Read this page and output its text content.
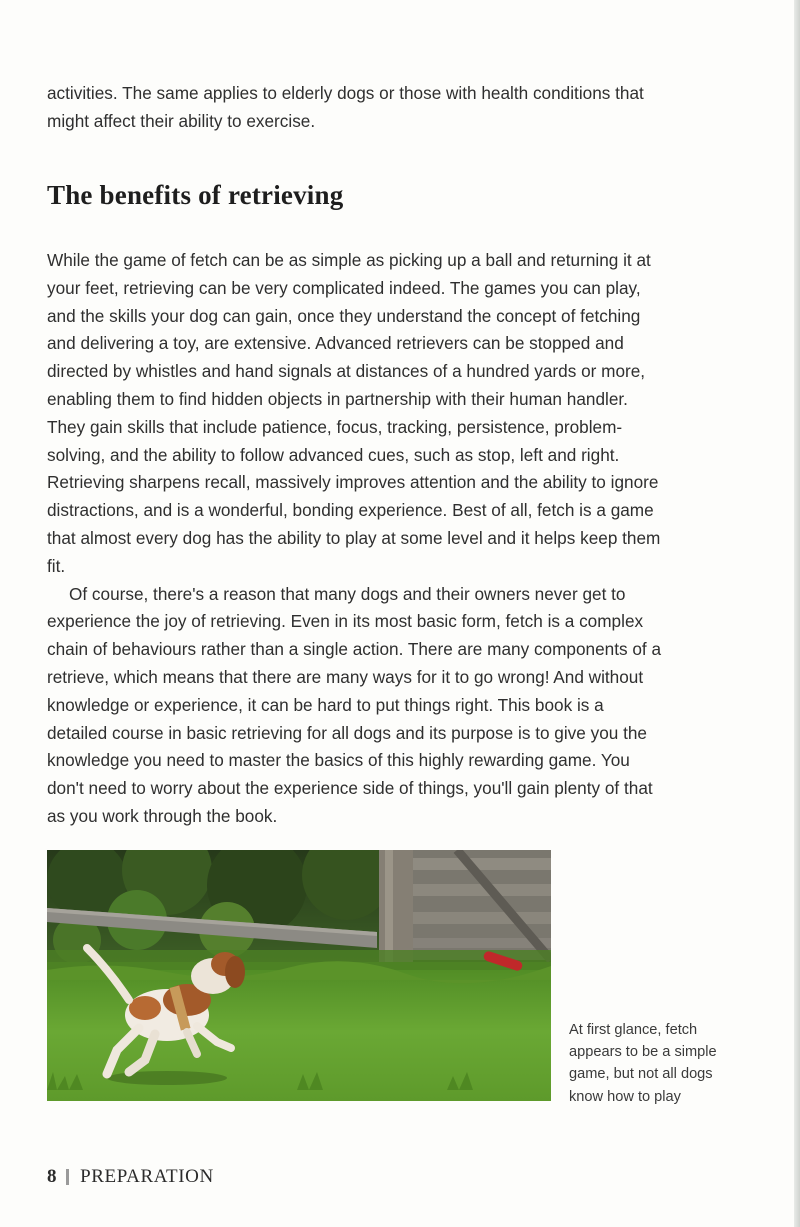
activities. The same applies to elderly dogs or those with health conditions that might affect their ability to exercise.

The benefits of retrieving

While the game of fetch can be as simple as picking up a ball and returning it at your feet, retrieving can be very complicated indeed. The games you can play, and the skills your dog can gain, once they understand the concept of fetching and delivering a toy, are extensive. Advanced retrievers can be stopped and directed by whistles and hand signals at distances of a hundred yards or more, enabling them to find hidden objects in partnership with their human handler. They gain skills that include patience, focus, tracking, persistence, problem-solving, and the ability to follow advanced cues, such as stop, left and right. Retrieving sharpens recall, massively improves attention and the ability to ignore distractions, and is a wonderful, bonding experience. Best of all, fetch is a game that almost every dog has the ability to play at some level and it helps keep them fit.

Of course, there's a reason that many dogs and their owners never get to experience the joy of retrieving. Even in its most basic form, fetch is a complex chain of behaviours rather than a single action. There are many components of a retrieve, which means that there are many ways for it to go wrong! And without knowledge or experience, it can be hard to put things right. This book is a detailed course in basic retrieving for all dogs and its purpose is to give you the knowledge you need to master the basics of this highly rewarding game. You don't need to worry about the experience side of things, you'll gain plenty of that as you work through the book.

At first glance, fetch appears to be a simple game, but not all dogs know how to play

8 PREPARATION
